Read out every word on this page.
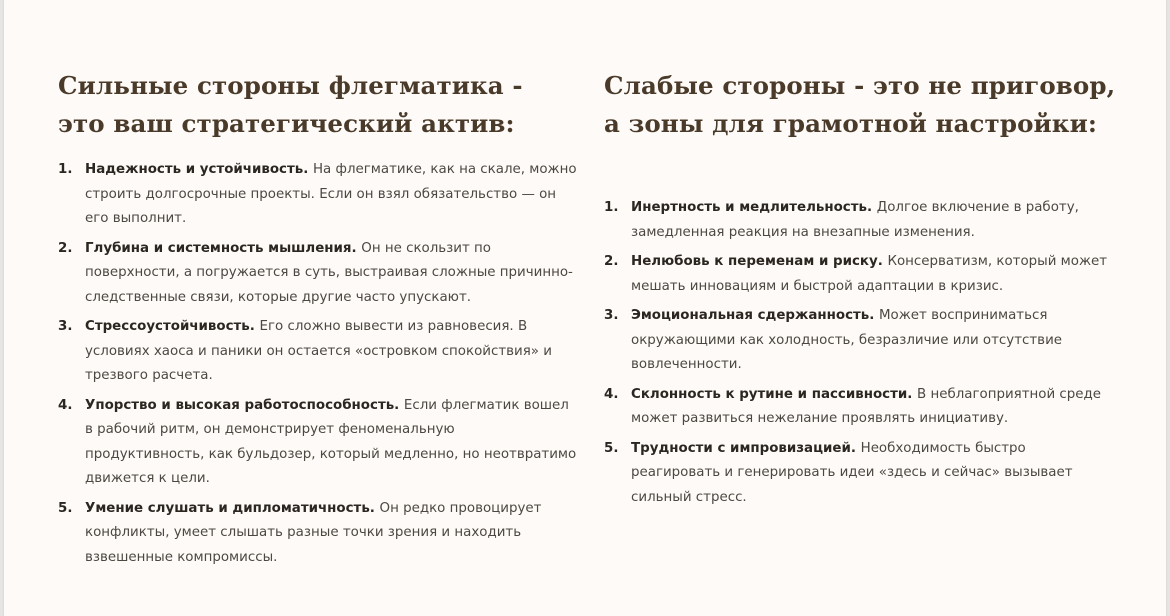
Сильные стороны флегматика -
это ваш стратегический актив:
1. Надежность и устойчивость. На флегматике, как на скале, можно строить долгосрочные проекты. Если он взял обязательство — он его выполнит.
2. Глубина и системность мышления. Он не скользит по поверхности, а погружается в суть, выстраивая сложные причинно-следственные связи, которые другие часто упускают.
3. Стрессоустойчивость. Его сложно вывести из равновесия. В условиях хаоса и паники он остается «островком спокойствия» и трезвого расчета.
4. Упорство и высокая работоспособность. Если флегматик вошел в рабочий ритм, он демонстрирует феноменальную продуктивность, как бульдозер, который медленно, но неотвратимо движется к цели.
5. Умение слушать и дипломатичность. Он редко провоцирует конфликты, умеет слышать разные точки зрения и находить взвешенные компромиссы.
Слабые стороны - это не приговор,
а зоны для грамотной настройки:
1. Инертность и медлительность. Долгое включение в работу, замедленная реакция на внезапные изменения.
2. Нелюбовь к переменам и риску. Консерватизм, который может мешать инновациям и быстрой адаптации в кризис.
3. Эмоциональная сдержанность. Может восприниматься окружающими как холодность, безразличие или отсутствие вовлеченности.
4. Склонность к рутине и пассивности. В неблагоприятной среде может развиться нежелание проявлять инициативу.
5. Трудности с импровизацией. Необходимость быстро реагировать и генерировать идеи «здесь и сейчас» вызывает сильный стресс.
